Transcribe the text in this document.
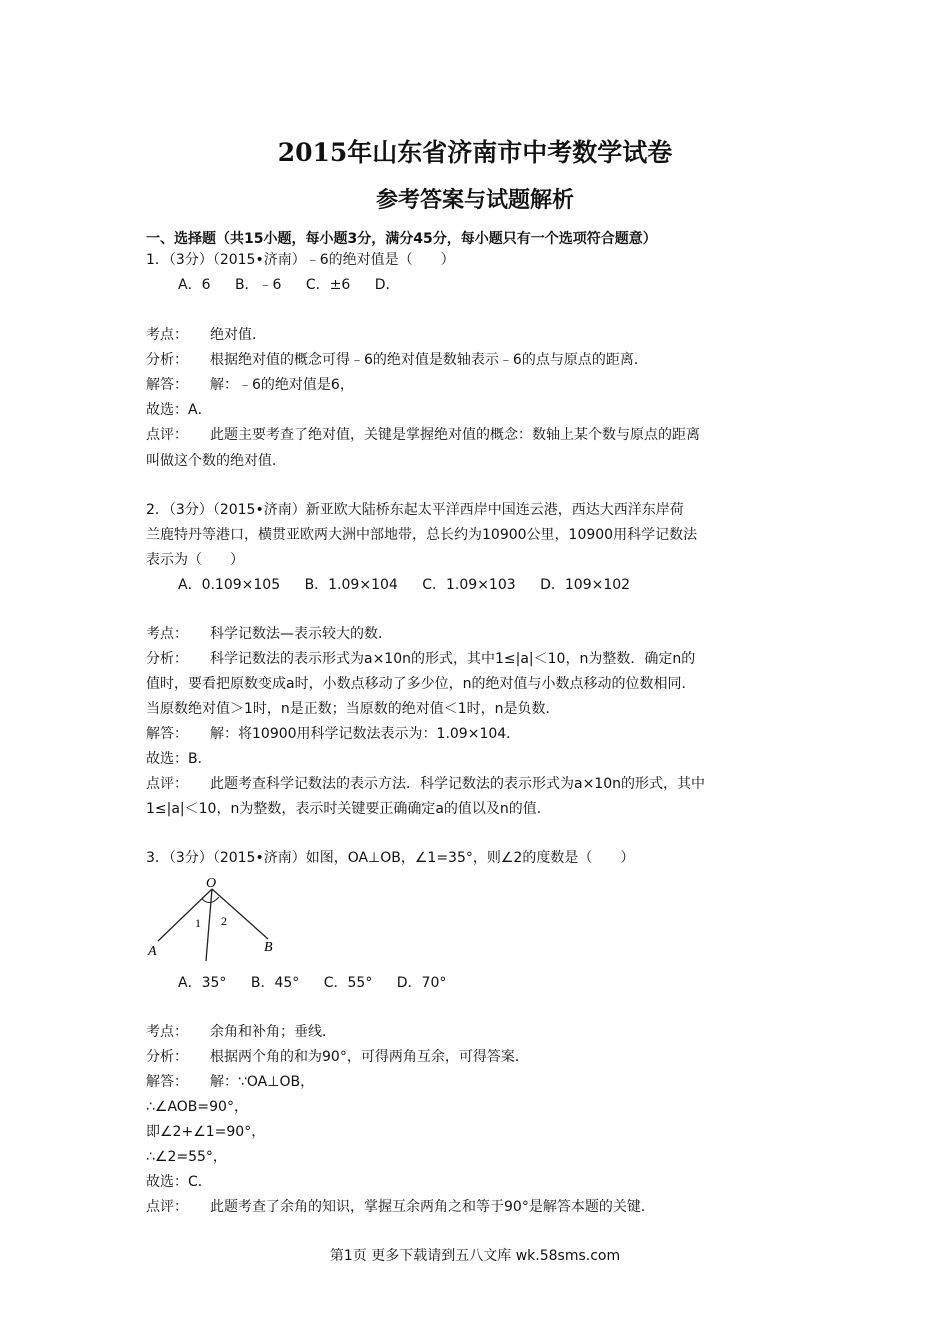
2015年山东省济南市中考数学试卷
参考答案与试题解析
一、选择题（共15小题，每小题3分，满分45分，每小题只有一个选项符合题意）
1．（3分）（2015•济南）﹣6的绝对值是（　　）
A．6 B．﹣6 C．±6 D．
考点： 绝对值．
分析： 根据绝对值的概念可得﹣6的绝对值是数轴表示﹣6的点与原点的距离．
解答： 解：﹣6的绝对值是6，
故选：A．
点评： 此题主要考查了绝对值，关键是掌握绝对值的概念：数轴上某个数与原点的距离
叫做这个数的绝对值．
2．（3分）（2015•济南）新亚欧大陆桥东起太平洋西岸中国连云港，西达大西洋东岸荷
兰鹿特丹等港口，横贯亚欧两大洲中部地带，总长约为10900公里，10900用科学记数法
表示为（　　）
A．0.109×105 B．1.09×104 C．1.09×103 D．109×102
考点： 科学记数法—表示较大的数．
分析： 科学记数法的表示形式为a×10n的形式，其中1≤|a|＜10，n为整数．确定n的
值时，要看把原数变成a时，小数点移动了多少位，n的绝对值与小数点移动的位数相同．
当原数绝对值＞1时，n是正数；当原数的绝对值＜1时，n是负数．
解答： 解：将10900用科学记数法表示为：1.09×104．
故选：B．
点评： 此题考查科学记数法的表示方法．科学记数法的表示形式为a×10n的形式，其中
1≤|a|＜10，n为整数，表示时关键要正确确定a的值以及n的值．
3．（3分）（2015•济南）如图，OA⊥OB，∠1=35°，则∠2的度数是（　　）
O
A	B
1 2
A．35° B．45° C．55° D．70°
考点： 余角和补角；垂线．
分析： 根据两个角的和为90°，可得两角互余，可得答案．
解答： 解：∵OA⊥OB，
∴∠AOB=90°，
即∠2+∠1=90°，
∴∠2=55°，
故选：C．
点评： 此题考查了余角的知识，掌握互余两角之和等于90°是解答本题的关键．
第1页 更多下载请到五八文库 wk.58sms.com
